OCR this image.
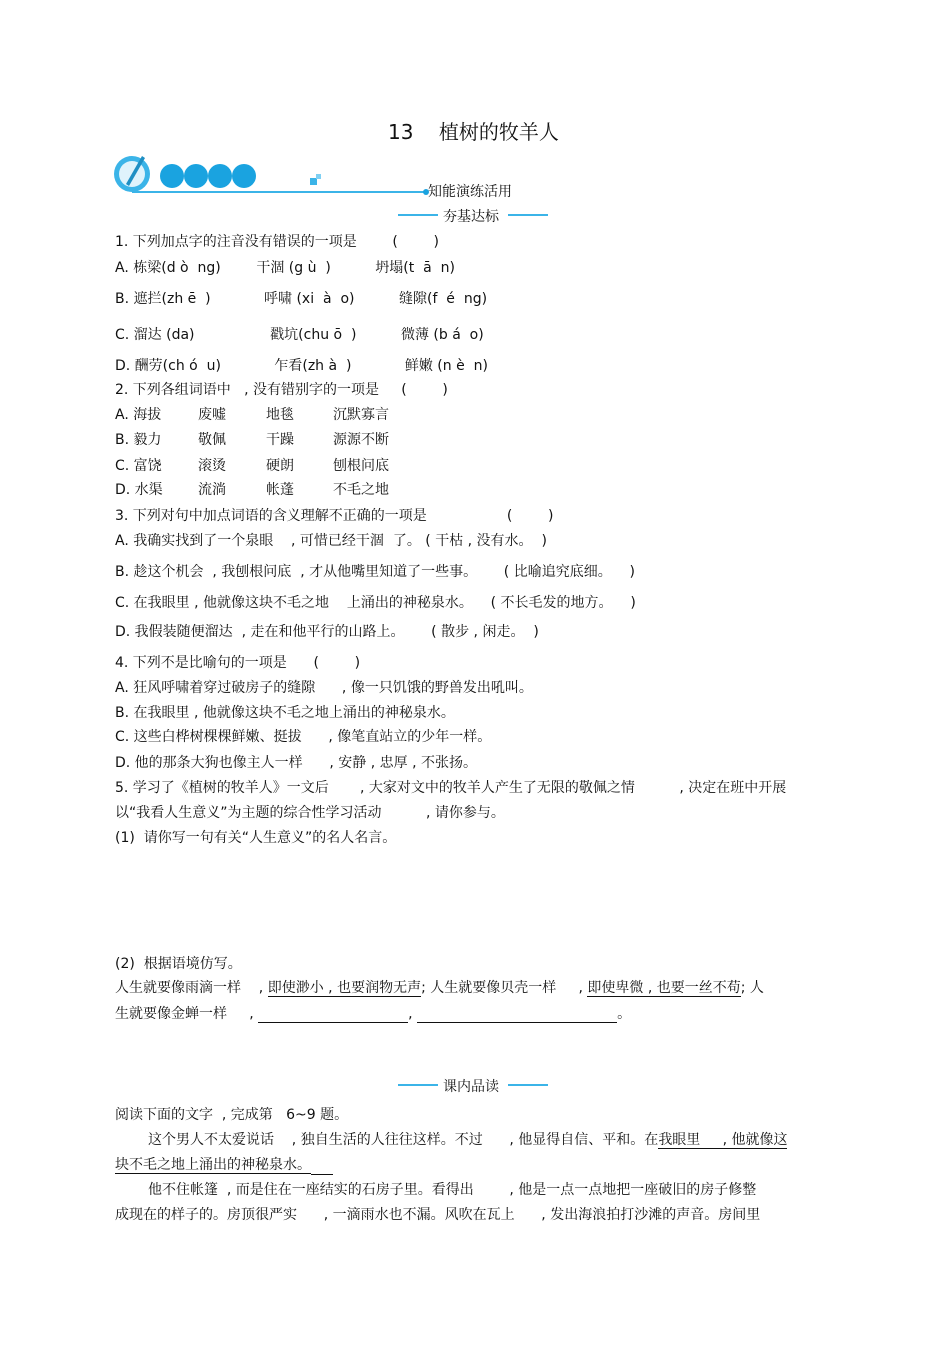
13    植树的牧羊人
知能演练活用
夯基达标
1. 下列加点字的注音没有错误的一项是        (        )
A. 栋梁(d ò  ng)        干涸 (g ù  )          坍塌(t  ā  n)
B. 遮拦(zh ē  )            呼啸 (xi  à  o)          缝隙(f  é  ng)
C. 溜达 (da)                 戳坑(chu ō  )          微薄 (b á  o)
D. 酬劳(ch ó  u)            乍看(zh à  )            鲜嫩 (n è  n)
2. 下列各组词语中   , 没有错别字的一项是     (        )
A. 海拔	废嘘	地毯	沉默寡言
B. 毅力	敬佩	干躁	源源不断
C. 富饶	滚烫	硬朗	刨根问底
D. 水渠	流淌	帐蓬	不毛之地
3. 下列对句中加点词语的含义理解不正确的一项是                  (        )
A. 我确实找到了一个泉眼    , 可惜已经干涸  了。 ( 干枯 , 没有水。  )
B. 趁这个机会  , 我刨根问底  , 才从他嘴里知道了一些事。      ( 比喻追究底细。    )
C. 在我眼里 , 他就像这块不毛之地    上涌出的神秘泉水。    ( 不长毛发的地方。    )
D. 我假装随便溜达  , 走在和他平行的山路上。      ( 散步 , 闲走。  )
4. 下列不是比喻句的一项是      (        )
A. 狂风呼啸着穿过破房子的缝隙      , 像一只饥饿的野兽发出吼叫。
B. 在我眼里 , 他就像这块不毛之地上涌出的神秘泉水。
C. 这些白桦树棵棵鲜嫩、挺拔      , 像笔直站立的少年一样。
D. 他的那条大狗也像主人一样      , 安静 , 忠厚 , 不张扬。
5. 学习了《植树的牧羊人》一文后       , 大家对文中的牧羊人产生了无限的敬佩之情          , 决定在班中开展
以“我看人生意义”为主题的综合性学习活动          , 请你参与。
(1)  请你写一句有关“人生意义”的名人名言。
(2)  根据语境仿写。
人生就要像雨滴一样    , 即使渺小 , 也要润物无声; 人生就要像贝壳一样     , 即使卑微 , 也要一丝不苟; 人
生就要像金蝉一样     ,	,	。
课内品读
阅读下面的文字  , 完成第   6~9 题。
这个男人不太爱说话    , 独自生活的人往往这样。不过      , 他显得自信、平和。在我眼里     , 他就像这
块不毛之地上涌出的神秘泉水。
他不住帐篷  , 而是住在一座结实的石房子里。看得出        , 他是一点一点地把一座破旧的房子修整
成现在的样子的。房顶很严实      , 一滴雨水也不漏。风吹在瓦上      , 发出海浪拍打沙滩的声音。房间里
